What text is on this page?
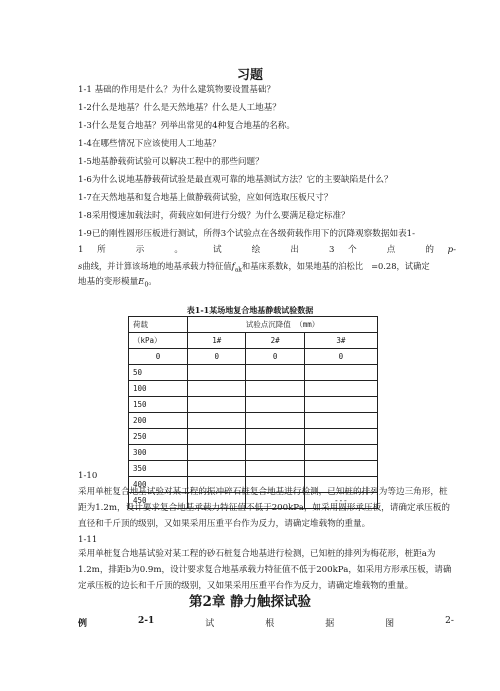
习题
1-1 基础的作用是什么？为什么建筑物要设置基础？
1-2什么是地基？什么是天然地基？什么是人工地基？
1-3什么是复合地基？列举出常见的4种复合地基的名称。
1-4在哪些情况下应该使用人工地基？
1-5地基静载荷试验可以解决工程中的那些问题？
1-6为什么说地基静载荷试验是最直观可靠的地基测试方法？它的主要缺陷是什么？
1-7在天然地基和复合地基上做静载荷试验，应如何选取压板尺寸？
1-8采用慢速加载法时，荷载应如何进行分级？为什么要满足稳定标准？
1-9已的刚性圆形压板进行测试，所得3个试验点在各级荷载作用下的沉降观察数据如表1-
1所 示 。 试 绘 出 3个 点 的p-
s曲线，并计算该场地的地基承载力特征值$f_{ak}$和基床系数k，如果地基的泊松比 =0.28，试确定
地基的变形模量$E_0$。
表1-1某场地复合地基静载试验数据
荷载	试验点沉降值 （mm）		
（kPa）	1#	2#	3#
0	0	0	0
50			
100			
150			
200			
250			
300			
350			
400			
450			---
1-10
采用单桩复合地基试验对某工程的振冲碎石桩复合地基进行检测，已知桩的排列为等边三角形，桩距为1.2m，设计要求复合地基承载力特征值不低于200kPa，如采用圆形承压板，请确定承压板的直径和千斤顶的级别，又如果采用压重平台作为反力，请确定堆载物的重量。
1-11
采用单桩复合地基试验对某工程的砂石桩复合地基进行检测，已知桩的排列为梅花形，桩距a为1.2m，排距b为0.9m，设计要求复合地基承载力特征值不低于200kPa，如采用方形承压板，请确定承压板的边长和千斤顶的级别，又如果采用压重平台作为反力，请确定堆载物的重量。
第2章 静力触探试验
例	2-1	试	根	据	图	2-
